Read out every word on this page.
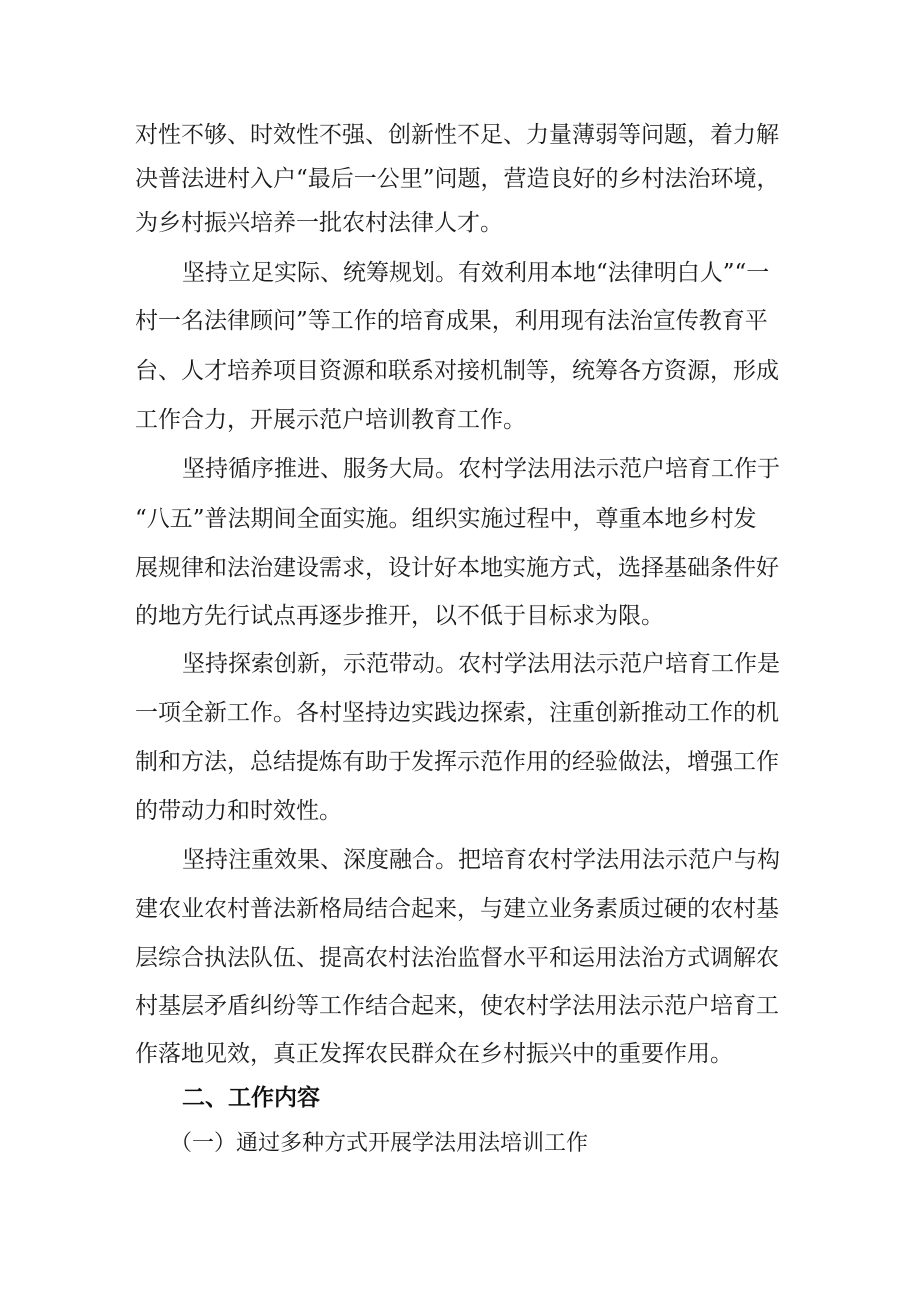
对性不够、时效性不强、创新性不足、力量薄弱等问题，着力解
决普法进村入户“最后一公里”问题，营造良好的乡村法治环境，
为乡村振兴培养一批农村法律人才。
坚持立足实际、统筹规划。有效利用本地“法律明白人”“一
村一名法律顾问”等工作的培育成果，利用现有法治宣传教育平
台、人才培养项目资源和联系对接机制等，统筹各方资源，形成
工作合力，开展示范户培训教育工作。
坚持循序推进、服务大局。农村学法用法示范户培育工作于
“八五”普法期间全面实施。组织实施过程中，尊重本地乡村发
展规律和法治建设需求，设计好本地实施方式，选择基础条件好
的地方先行试点再逐步推开，以不低于目标求为限。
坚持探索创新，示范带动。农村学法用法示范户培育工作是
一项全新工作。各村坚持边实践边探索，注重创新推动工作的机
制和方法，总结提炼有助于发挥示范作用的经验做法，增强工作
的带动力和时效性。
坚持注重效果、深度融合。把培育农村学法用法示范户与构
建农业农村普法新格局结合起来，与建立业务素质过硬的农村基
层综合执法队伍、提高农村法治监督水平和运用法治方式调解农
村基层矛盾纠纷等工作结合起来，使农村学法用法示范户培育工
作落地见效，真正发挥农民群众在乡村振兴中的重要作用。
二、工作内容
（一）通过多种方式开展学法用法培训工作
